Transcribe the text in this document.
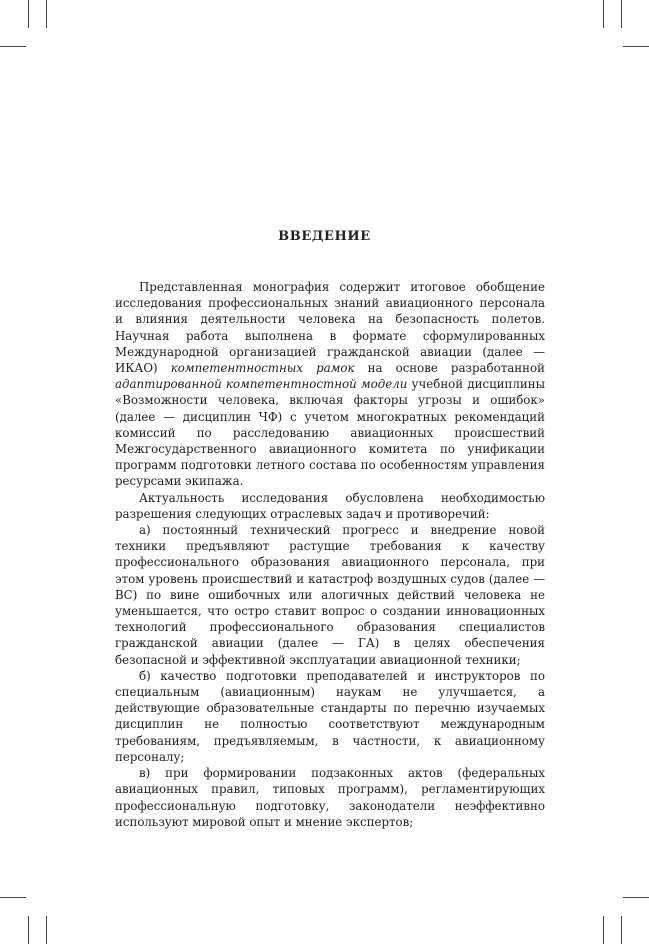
ВВЕДЕНИЕ

Представленная монография содержит итоговое обобщение исследования профессиональных знаний авиационного персонала и влияния деятельности человека на безопасность полетов. Научная работа выполнена в формате сформулированных Международной организацией гражданской авиации (далее — ИКАО) компетентностных рамок на основе разработанной адаптированной компетентностной модели учебной дисциплины «Возможности человека, включая факторы угрозы и ошибок» (далее — дисциплин ЧФ) с учетом многократных рекомендаций комиссий по расследованию авиационных происшествий Межгосударственного авиационного комитета по унификации программ подготовки летного состава по особенностям управления ресурсами экипажа.

Актуальность исследования обусловлена необходимостью разрешения следующих отраслевых задач и противоречий:

а) постоянный технический прогресс и внедрение новой техники предъявляют растущие требования к качеству профессионального образования авиационного персонала, при этом уровень происшествий и катастроф воздушных судов (далее — ВС) по вине ошибочных или алогичных действий человека не уменьшается, что остро ставит вопрос о создании инновационных технологий профессионального образования специалистов гражданской авиации (далее — ГА) в целях обеспечения безопасной и эффективной эксплуатации авиационной техники;

б) качество подготовки преподавателей и инструкторов по специальным (авиационным) наукам не улучшается, а действующие образовательные стандарты по перечню изучаемых дисциплин не полностью соответствуют международным требованиям, предъявляемым, в частности, к авиационному персоналу;

в) при формировании подзаконных актов (федеральных авиационных правил, типовых программ), регламентирующих профессиональную подготовку, законодатели неэффективно используют мировой опыт и мнение экспертов;
